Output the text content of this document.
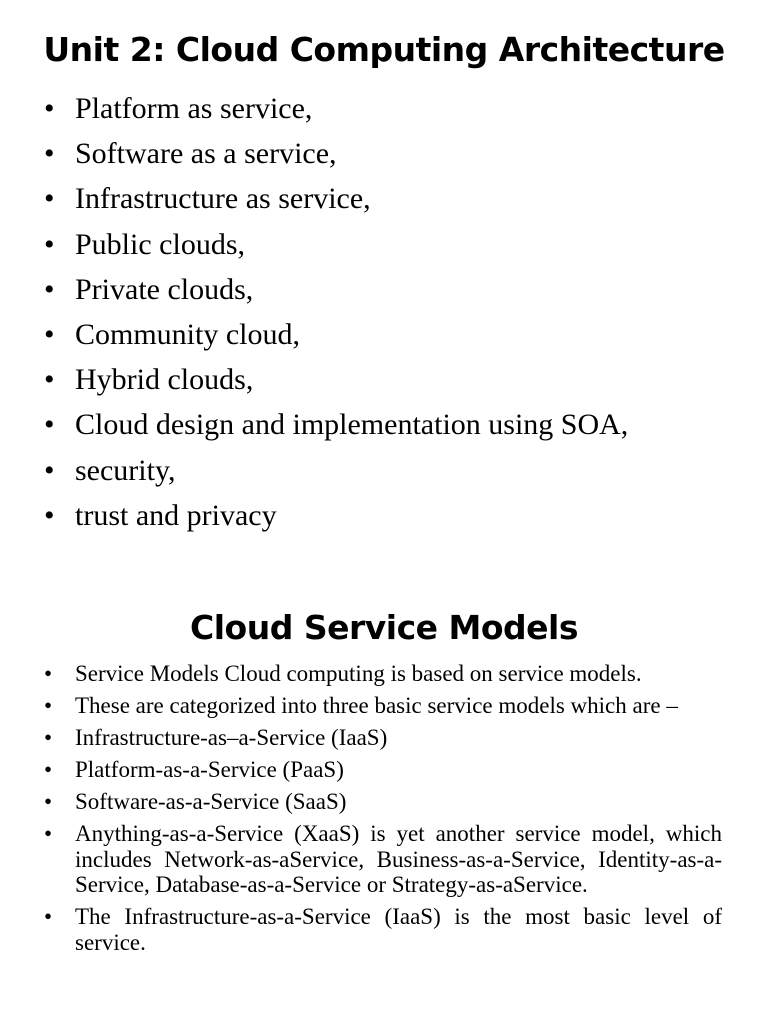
Unit 2: Cloud Computing Architecture
• Platform as service,
• Software as a service,
• Infrastructure as service,
• Public clouds,
• Private clouds,
• Community cloud,
• Hybrid clouds,
• Cloud design and implementation using SOA,
• security,
• trust and privacy
Cloud Service Models
• Service Models Cloud computing is based on service models.
• These are categorized into three basic service models which are –
• Infrastructure-as–a-Service (IaaS)
• Platform-as-a-Service (PaaS)
• Software-as-a-Service (SaaS)
• Anything-as-a-Service (XaaS) is yet another service model, which includes Network-as-aService, Business-as-a-Service, Identity-as-a-Service, Database-as-a-Service or Strategy-as-aService.
• The Infrastructure-as-a-Service (IaaS) is the most basic level of service.
